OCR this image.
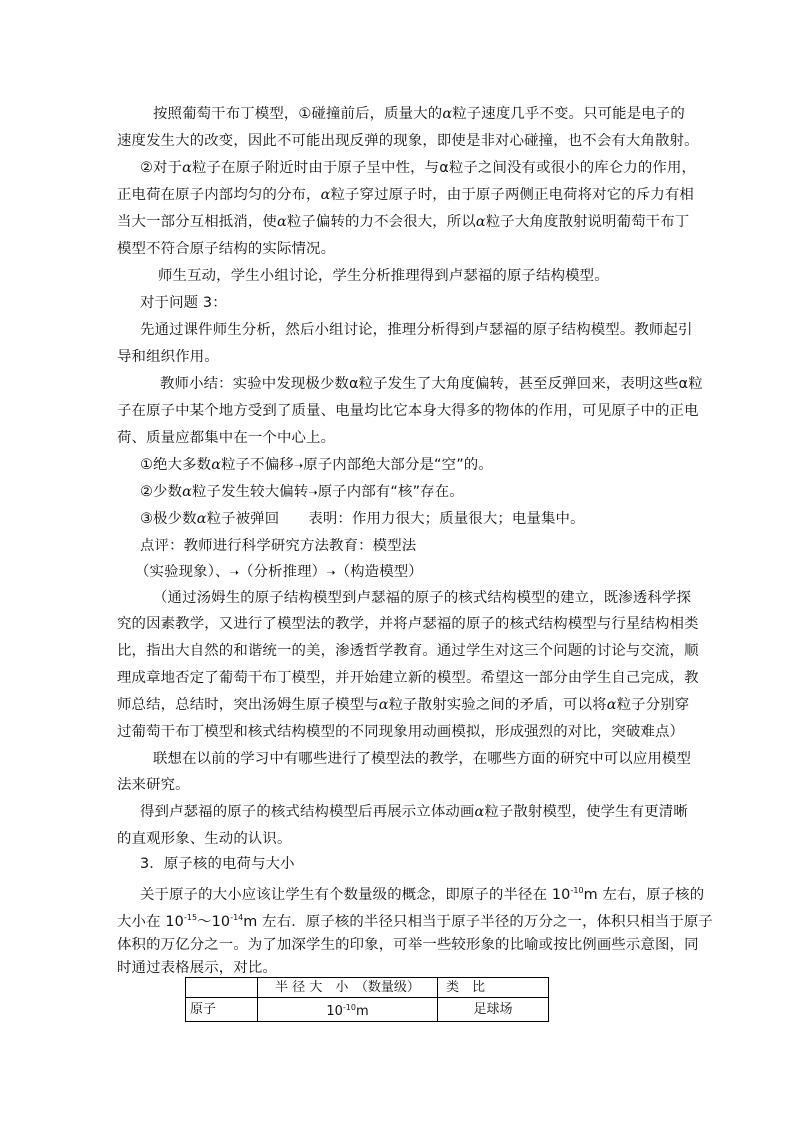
按照葡萄干布丁模型，①碰撞前后，质量大的α粒子速度几乎不变。只可能是电子的
速度发生大的改变，因此不可能出现反弹的现象，即使是非对心碰撞，也不会有大角散射。
②对于α粒子在原子附近时由于原子呈中性，与α粒子之间没有或很小的库仑力的作用，
正电荷在原子内部均匀的分布，α粒子穿过原子时，由于原子两侧正电荷将对它的斥力有相
当大一部分互相抵消，使α粒子偏转的力不会很大，所以α粒子大角度散射说明葡萄干布丁
模型不符合原子结构的实际情况。
师生互动，学生小组讨论，学生分析推理得到卢瑟福的原子结构模型。
对于问题 3：
先通过课件师生分析，然后小组讨论，推理分析得到卢瑟福的原子结构模型。教师起引
导和组织作用。
教师小结：实验中发现极少数α粒子发生了大角度偏转，甚至反弹回来，表明这些α粒
子在原子中某个地方受到了质量、电量均比它本身大得多的物体的作用，可见原子中的正电
荷、质量应都集中在一个中心上。
①绝大多数α粒子不偏移➝原子内部绝大部分是“空”的。
②少数α粒子发生较大偏转➝原子内部有“核”存在。
③极少数α粒子被弹回　　表明：作用力很大；质量很大；电量集中。
点评：教师进行科学研究方法教育：模型法
（实验现象）、➝（分析推理）➝（构造模型）
（通过汤姆生的原子结构模型到卢瑟福的原子的核式结构模型的建立，既渗透科学探
究的因素教学，又进行了模型法的教学，并将卢瑟福的原子的核式结构模型与行星结构相类
比，指出大自然的和谐统一的美，渗透哲学教育。通过学生对这三个问题的讨论与交流，顺
理成章地否定了葡萄干布丁模型，并开始建立新的模型。希望这一部分由学生自己完成，教
师总结，总结时，突出汤姆生原子模型与α粒子散射实验之间的矛盾，可以将α粒子分别穿
过葡萄干布丁模型和核式结构模型的不同现象用动画模拟，形成强烈的对比，突破难点）
联想在以前的学习中有哪些进行了模型法的教学，在哪些方面的研究中可以应用模型
法来研究。
得到卢瑟福的原子的核式结构模型后再展示立体动画α粒子散射模型，使学生有更清晰
的直观形象、生动的认识。
3．原子核的电荷与大小
关于原子的大小应该让学生有个数量级的概念，即原子的半径在 $10^{-10}m$ 左右，原子核的
大小在 $10^{-15}\sim 10^{-14}m$ 左右．原子核的半径只相当于原子半径的万分之一，体积只相当于原子
体积的万亿分之一。为了加深学生的印象，可举一些较形象的比喻或按比例画些示意图，同
时通过表格展示，对比。
	半 径 大　小　（数量级）	类　比
原子	$10^{-10}m$	足球场
